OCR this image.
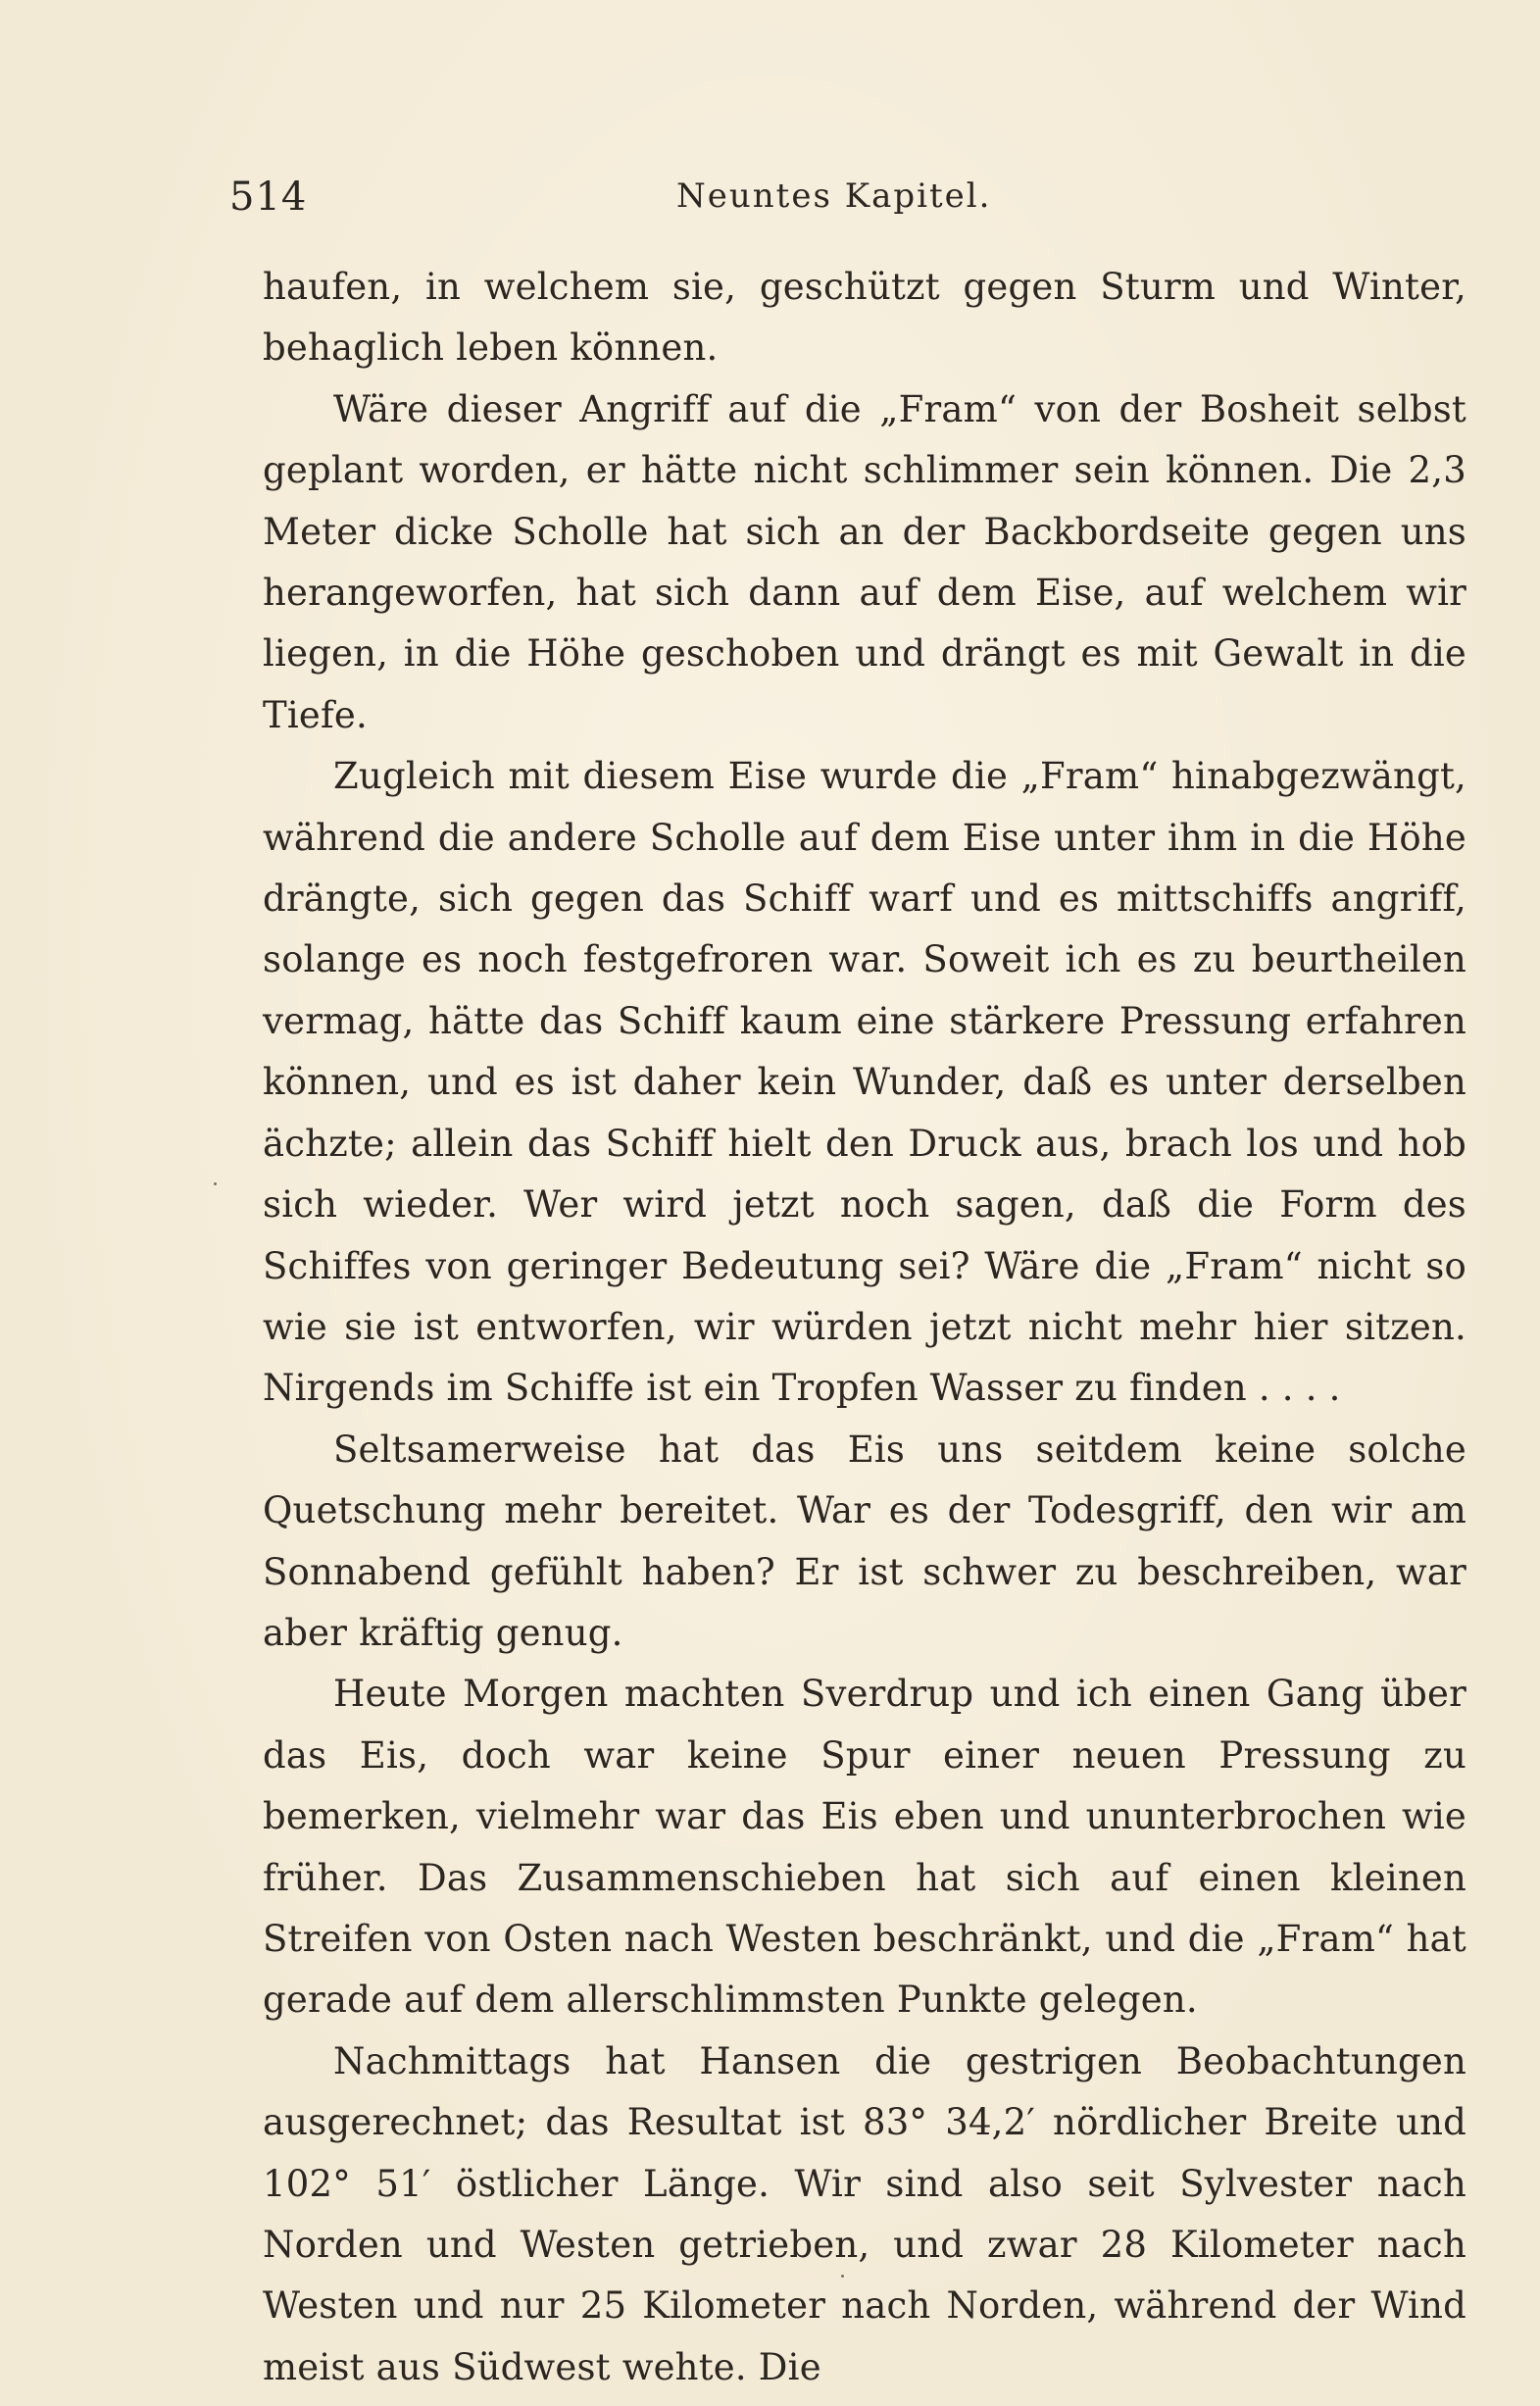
514	Neuntes Kapitel.

haufen, in welchem sie, geschützt gegen Sturm und Winter, behaglich leben können.

Wäre dieser Angriff auf die „Fram“ von der Bosheit selbst geplant worden, er hätte nicht schlimmer sein können. Die 2,3 Meter dicke Scholle hat sich an der Backbordseite gegen uns herangeworfen, hat sich dann auf dem Eise, auf welchem wir liegen, in die Höhe geschoben und drängt es mit Gewalt in die Tiefe.

Zugleich mit diesem Eise wurde die „Fram“ hinabgezwängt, während die andere Scholle auf dem Eise unter ihm in die Höhe drängte, sich gegen das Schiff warf und es mittschiffs angriff, solange es noch festgefroren war. Soweit ich es zu beurtheilen vermag, hätte das Schiff kaum eine stärkere Pressung erfahren können, und es ist daher kein Wunder, daß es unter derselben ächzte; allein das Schiff hielt den Druck aus, brach los und hob sich wieder. Wer wird jetzt noch sagen, daß die Form des Schiffes von geringer Bedeutung sei? Wäre die „Fram“ nicht so wie sie ist entworfen, wir würden jetzt nicht mehr hier sitzen. Nirgends im Schiffe ist ein Tropfen Wasser zu finden . . . .

Seltsamerweise hat das Eis uns seitdem keine solche Quetschung mehr bereitet. War es der Todesgriff, den wir am Sonnabend gefühlt haben? Er ist schwer zu beschreiben, war aber kräftig genug.

Heute Morgen machten Sverdrup und ich einen Gang über das Eis, doch war keine Spur einer neuen Pressung zu bemerken, vielmehr war das Eis eben und ununterbrochen wie früher. Das Zusammenschieben hat sich auf einen kleinen Streifen von Osten nach Westen beschränkt, und die „Fram“ hat gerade auf dem allerschlimmsten Punkte gelegen.

Nachmittags hat Hansen die gestrigen Beobachtungen ausgerechnet; das Resultat ist 83° 34,2′ nördlicher Breite und 102° 51′ östlicher Länge. Wir sind also seit Sylvester nach Norden und Westen getrieben, und zwar 28 Kilometer nach Westen und nur 25 Kilometer nach Norden, während der Wind meist aus Südwest wehte. Die
